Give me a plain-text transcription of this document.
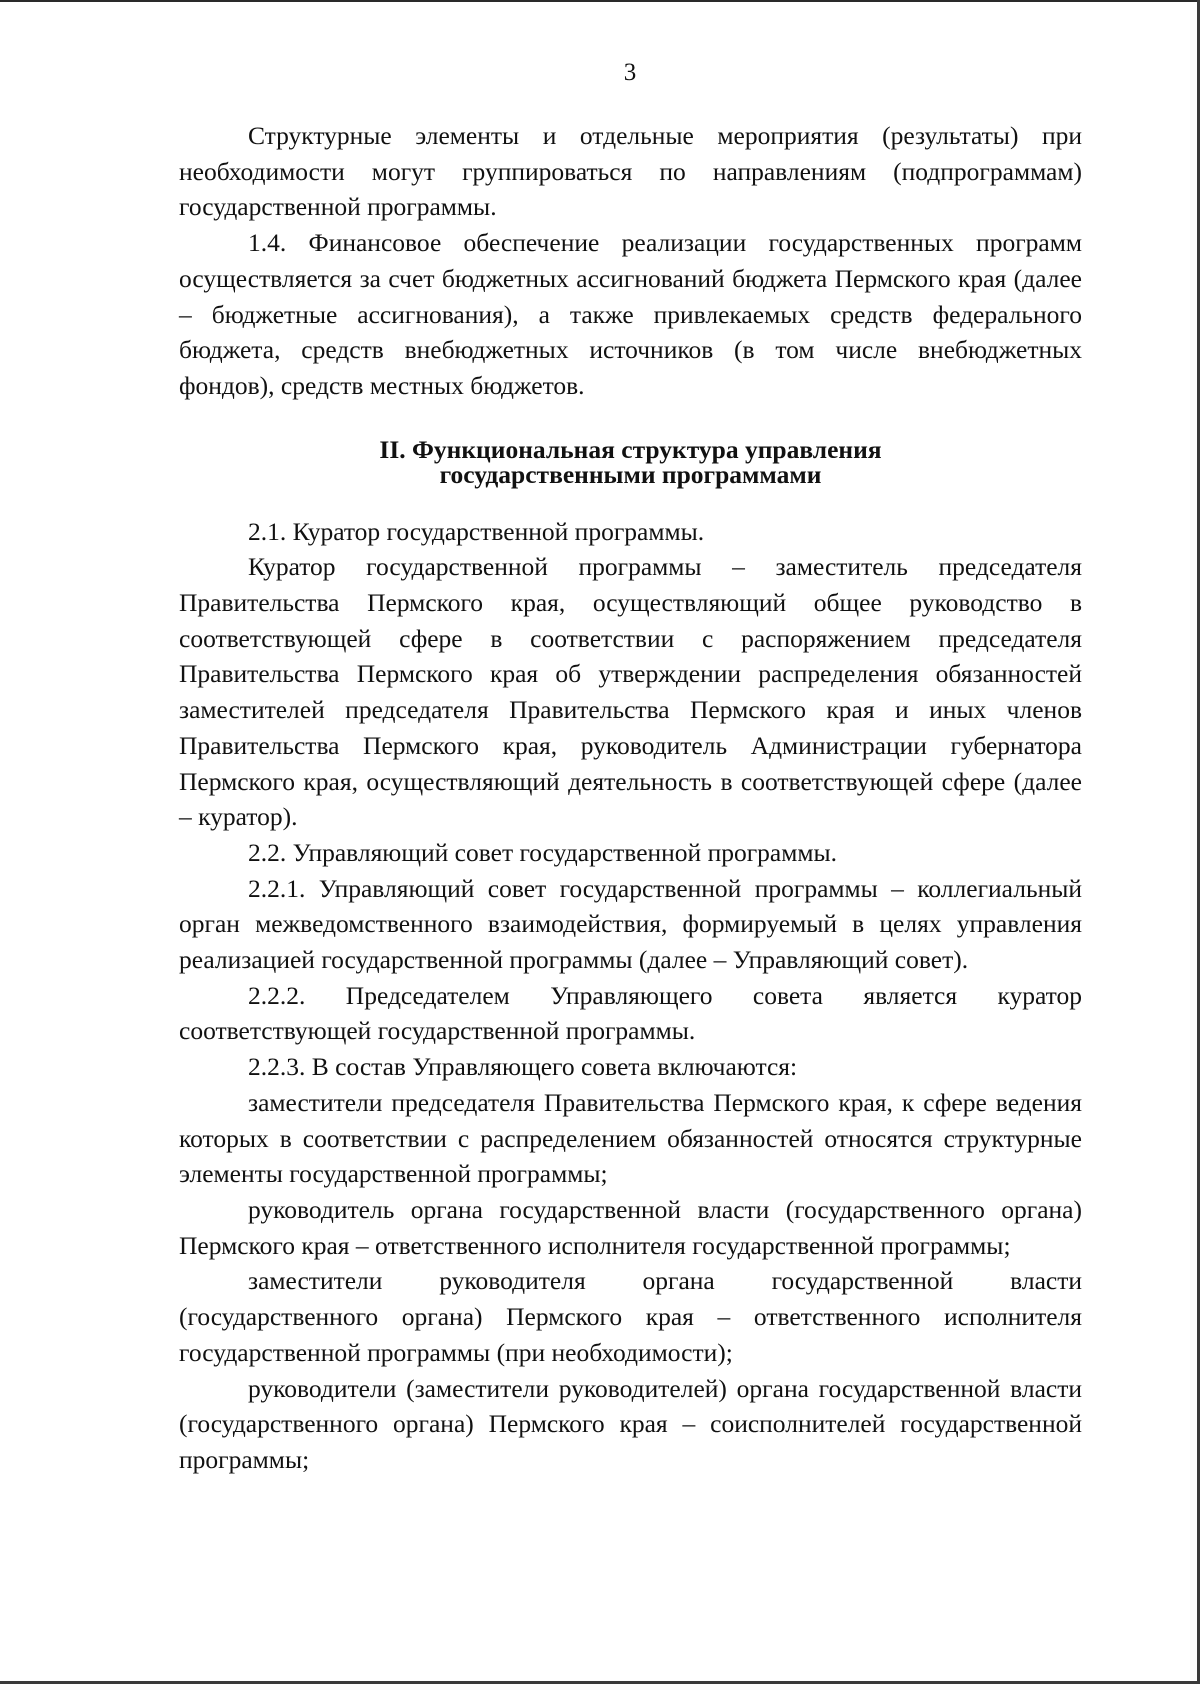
3

Структурные элементы и отдельные мероприятия (результаты) при необходимости могут группироваться по направлениям (подпрограммам) государственной программы.

1.4. Финансовое обеспечение реализации государственных программ осуществляется за счет бюджетных ассигнований бюджета Пермского края (далее – бюджетные ассигнования), а также привлекаемых средств федерального бюджета, средств внебюджетных источников (в том числе внебюджетных фондов), средств местных бюджетов.

II. Функциональная структура управления
государственными программами

2.1. Куратор государственной программы.

Куратор государственной программы – заместитель председателя Правительства Пермского края, осуществляющий общее руководство в соответствующей сфере в соответствии с распоряжением председателя Правительства Пермского края об утверждении распределения обязанностей заместителей председателя Правительства Пермского края и иных членов Правительства Пермского края, руководитель Администрации губернатора Пермского края, осуществляющий деятельность в соответствующей сфере (далее – куратор).

2.2. Управляющий совет государственной программы.

2.2.1. Управляющий совет государственной программы – коллегиальный орган межведомственного взаимодействия, формируемый в целях управления реализацией государственной программы (далее – Управляющий совет).

2.2.2. Председателем Управляющего совета является куратор соответствующей государственной программы.

2.2.3. В состав Управляющего совета включаются:

заместители председателя Правительства Пермского края, к сфере ведения которых в соответствии с распределением обязанностей относятся структурные элементы государственной программы;

руководитель органа государственной власти (государственного органа) Пермского края – ответственного исполнителя государственной программы;

заместители руководителя органа государственной власти (государственного органа) Пермского края – ответственного исполнителя государственной программы (при необходимости);

руководители (заместители руководителей) органа государственной власти (государственного органа) Пермского края – соисполнителей государственной программы;
